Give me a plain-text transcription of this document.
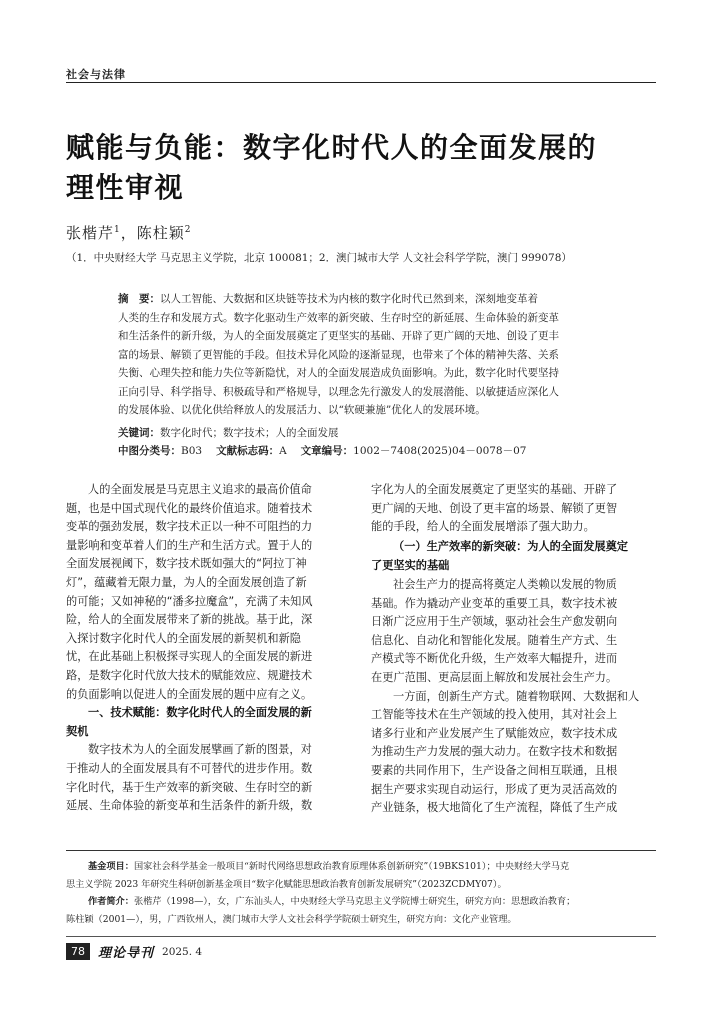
社会与法律
赋能与负能：数字化时代人的全面发展的
理性审视
张楷芹$^1$，陈柱颖$^2$
（1．中央财经大学 马克思主义学院，北京 100081；2．澳门城市大学 人文社会科学学院，澳门 999078）
摘　要：以人工智能、大数据和区块链等技术为内核的数字化时代已然到来，深刻地变革着
人类的生存和发展方式。数字化驱动生产效率的新突破、生存时空的新延展、生命体验的新变革
和生活条件的新升级，为人的全面发展奠定了更坚实的基础、开辟了更广阔的天地、创设了更丰
富的场景、解锁了更智能的手段。但技术异化风险的逐渐显现，也带来了个体的精神失落、关系
失衡、心理失控和能力失位等新隐忧，对人的全面发展造成负面影响。为此，数字化时代要坚持
正向引导、科学指导、积极疏导和严格规导，以理念先行激发人的发展潜能、以敏捷适应深化人
的发展体验、以优化供给释放人的发展活力、以“软硬兼施”优化人的发展环境。
关键词：数字化时代；数字技术；人的全面发展
中图分类号：B03 文献标志码：A 文章编号：1002－7408(2025)04－0078－07
人的全面发展是马克思主义追求的最高价值命
题，也是中国式现代化的最终价值追求。随着技术
变革的强劲发展，数字技术正以一种不可阻挡的力
量影响和变革着人们的生产和生活方式。置于人的
全面发展视阈下，数字技术既如强大的“阿拉丁神
灯”，蕴藏着无限力量，为人的全面发展创造了新
的可能；又如神秘的“潘多拉魔盒”，充满了未知风
险，给人的全面发展带来了新的挑战。基于此，深
入探讨数字化时代人的全面发展的新契机和新隐
忧，在此基础上积极探寻实现人的全面发展的新进
路，是数字化时代放大技术的赋能效应、规避技术
的负面影响以促进人的全面发展的题中应有之义。
一、技术赋能：数字化时代人的全面发展的新
契机
数字技术为人的全面发展擘画了新的图景，对
于推动人的全面发展具有不可替代的进步作用。数
字化时代，基于生产效率的新突破、生存时空的新
延展、生命体验的新变革和生活条件的新升级，数
字化为人的全面发展奠定了更坚实的基础、开辟了
更广阔的天地、创设了更丰富的场景、解锁了更智
能的手段，给人的全面发展增添了强大助力。
（一）生产效率的新突破：为人的全面发展奠定
了更坚实的基础
社会生产力的提高将奠定人类赖以发展的物质
基础。作为撬动产业变革的重要工具，数字技术被
日渐广泛应用于生产领域，驱动社会生产愈发朝向
信息化、自动化和智能化发展。随着生产方式、生
产模式等不断优化升级，生产效率大幅提升，进而
在更广范围、更高层面上解放和发展社会生产力。
一方面，创新生产方式。随着物联网、大数据和人
工智能等技术在生产领域的投入使用，其对社会上
诸多行业和产业发展产生了赋能效应，数字技术成
为推动生产力发展的强大动力。在数字技术和数据
要素的共同作用下，生产设备之间相互联通，且根
据生产要求实现自动运行，形成了更为灵活高效的
产业链条，极大地简化了生产流程，降低了生产成
基金项目：国家社会科学基金一般项目“新时代网络思想政治教育原理体系创新研究”（19BKS101）；中央财经大学马克
思主义学院 2023 年研究生科研创新基金项目“数字化赋能思想政治教育创新发展研究”（2023ZCDMY07）。
作者简介：张楷芹（1998—），女，广东汕头人，中央财经大学马克思主义学院博士研究生，研究方向：思想政治教育；
陈柱颖（2001—），男，广西钦州人，澳门城市大学人文社会科学学院硕士研究生，研究方向：文化产业管理。
78	理论导刊 2025. 4
